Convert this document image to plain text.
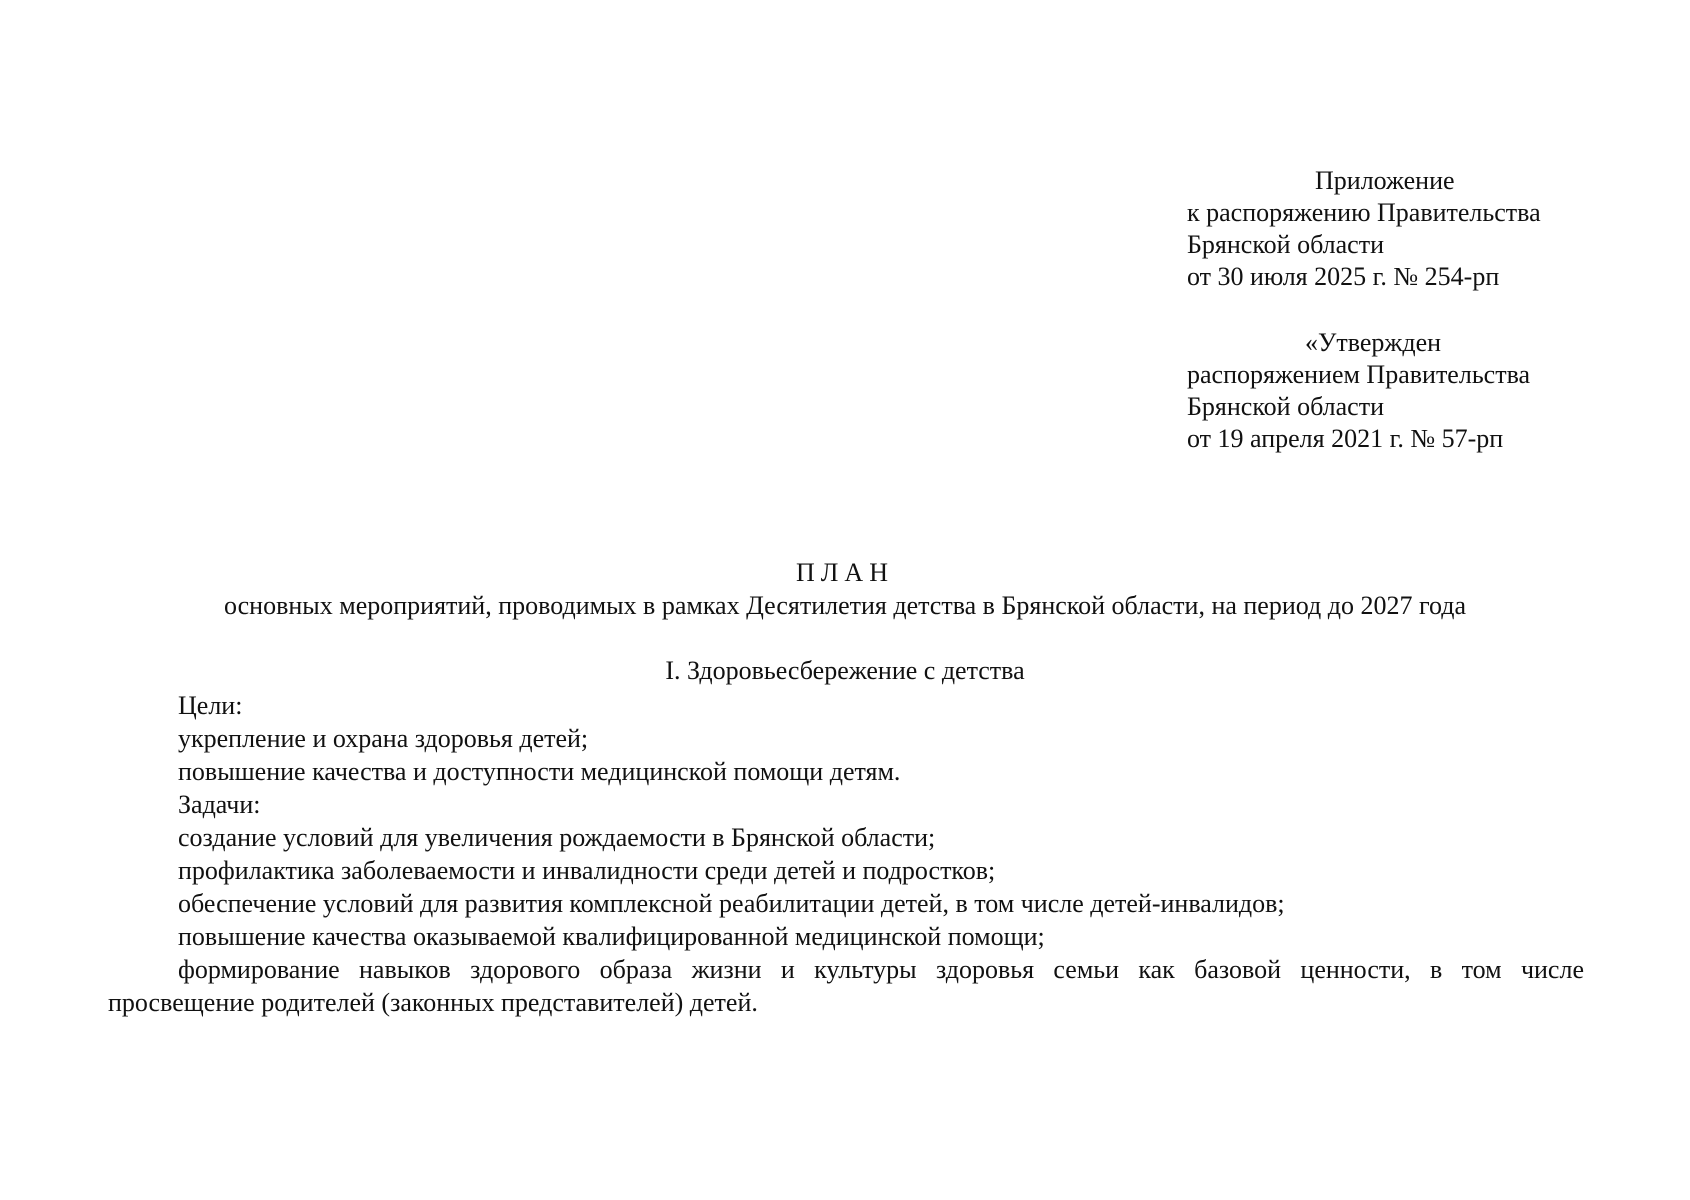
Приложение
к распоряжению Правительства
Брянской области
от 30 июля 2025 г. № 254-рп
«Утвержден
распоряжением Правительства
Брянской области
от 19 апреля 2021 г. № 57-рп
ПЛАН
основных мероприятий, проводимых в рамках Десятилетия детства в Брянской области, на период до 2027 года
I. Здоровьесбережение с детства
Цели:
укрепление и охрана здоровья детей;
повышение качества и доступности медицинской помощи детям.
Задачи:
создание условий для увеличения рождаемости в Брянской области;
профилактика заболеваемости и инвалидности среди детей и подростков;
обеспечение условий для развития комплексной реабилитации детей, в том числе детей-инвалидов;
повышение качества оказываемой квалифицированной медицинской помощи;
формирование навыков здорового образа жизни и культуры здоровья семьи как базовой ценности, в том числе
просвещение родителей (законных представителей) детей.
